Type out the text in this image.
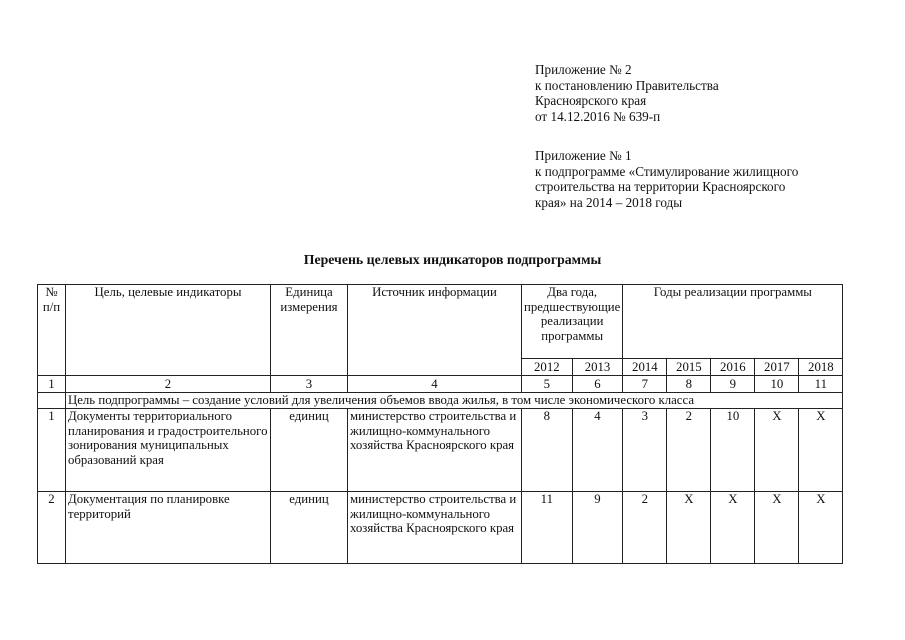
Приложение № 2
к постановлению Правительства
Красноярского края
от 14.12.2016 № 639-п
Приложение № 1
к подпрограмме «Стимулирование жилищного
строительства на территории Красноярского
края» на 2014 – 2018 годы
Перечень целевых индикаторов подпрограммы
№ п/п	Цель, целевые индикаторы	Единица измерения	Источник информации	Два года, предшествующие реализации программы		Годы реализации программы				
				2012	2013	2014	2015	2016	2017	2018
1	2	3	4	5	6	7	8	9	10	11
	Цель подпрограммы – создание условий для увеличения объемов ввода жилья, в том числе экономического класса									
1	Документы территориального планирования и градостроительного зонирования муниципальных образований края	единиц	министерство строительства и жилищно-коммунального хозяйства Красноярского края	8	4	3	2	10	Х	Х
2	Документация по планировке территорий	единиц	министерство строительства и жилищно-коммунального хозяйства Красноярского края	11	9	2	Х	Х	Х	Х
